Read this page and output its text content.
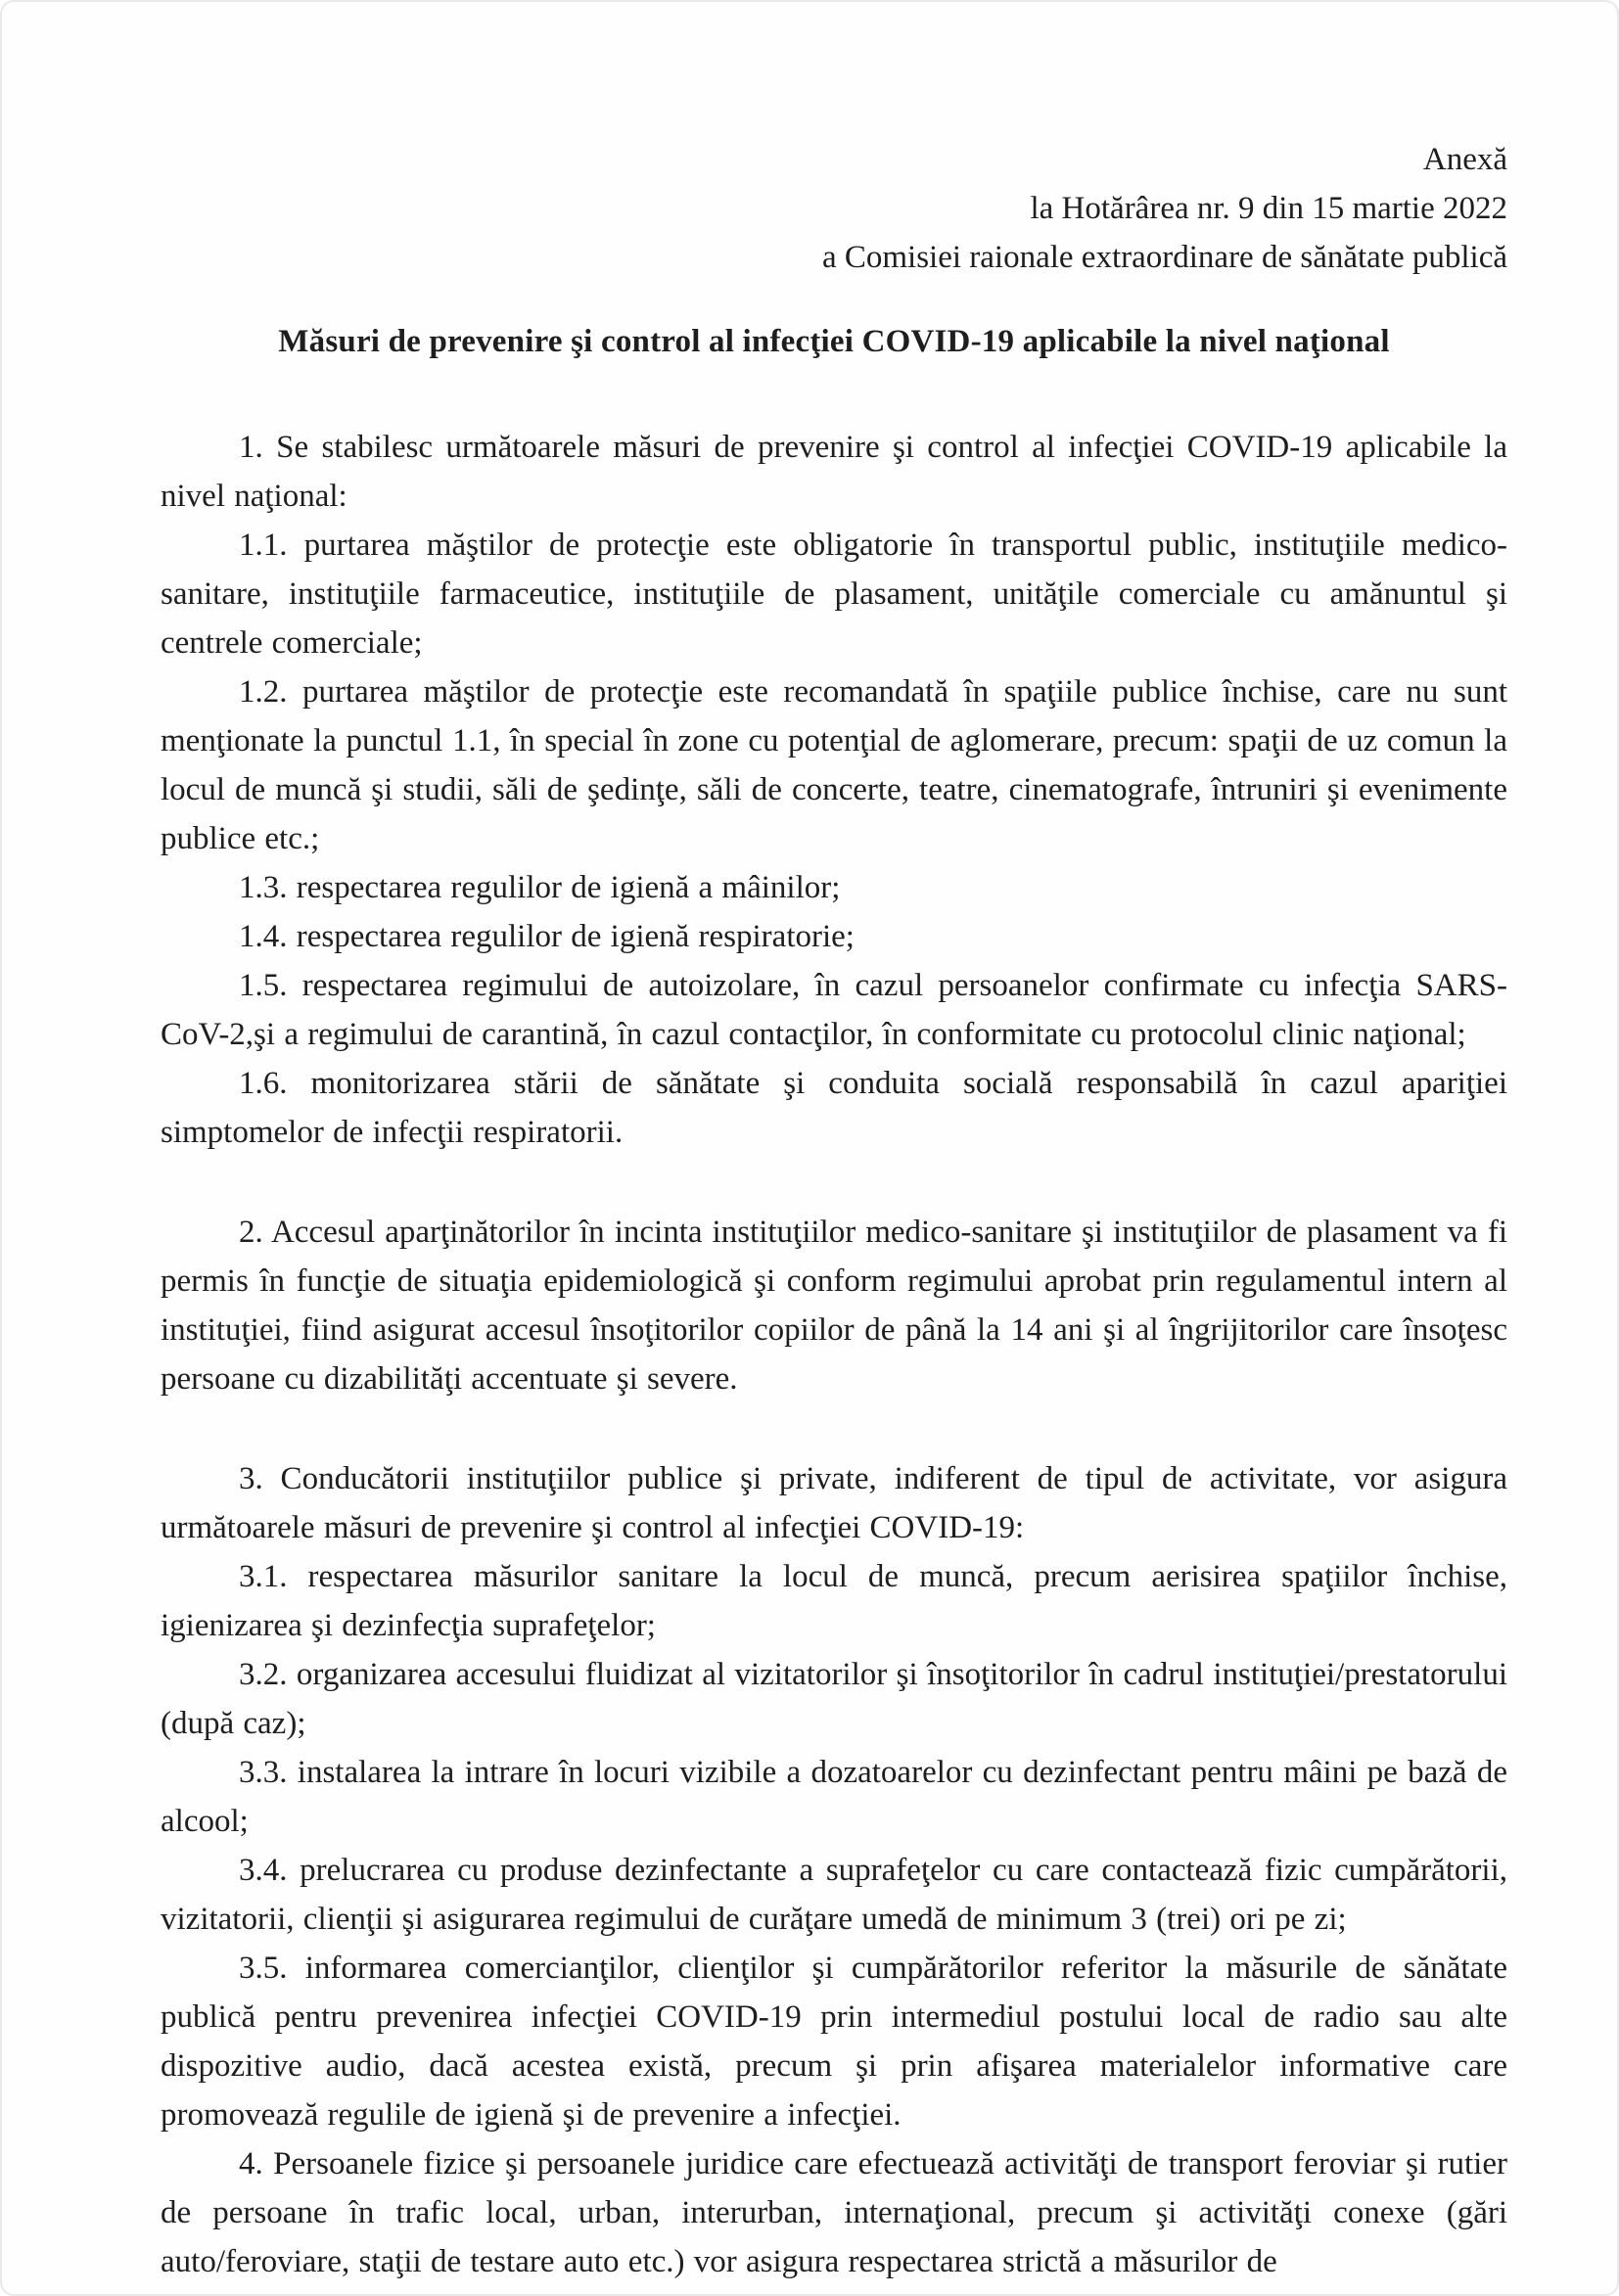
Anexă
la Hotărârea nr. 9 din 15 martie 2022
a Comisiei raionale extraordinare de sănătate publică
Măsuri de prevenire şi control al infecţiei COVID-19 aplicabile la nivel naţional

1. Se stabilesc următoarele măsuri de prevenire şi control al infecţiei COVID-19 aplicabile la nivel naţional:

1.1. purtarea măştilor de protecţie este obligatorie în transportul public, instituţiile medico-sanitare, instituţiile farmaceutice, instituţiile de plasament, unităţile comerciale cu amănuntul şi centrele comerciale;

1.2. purtarea măştilor de protecţie este recomandată în spaţiile publice închise, care nu sunt menţionate la punctul 1.1, în special în zone cu potenţial de aglomerare, precum: spaţii de uz comun la locul de muncă şi studii, săli de şedinţe, săli de concerte, teatre, cinematografe, întruniri şi evenimente publice etc.;

1.3. respectarea regulilor de igienă a mâinilor;

1.4. respectarea regulilor de igienă respiratorie;

1.5. respectarea regimului de autoizolare, în cazul persoanelor confirmate cu infecţia SARS-CoV-2,şi a regimului de carantină, în cazul contacţilor, în conformitate cu protocolul clinic naţional;

1.6. monitorizarea stării de sănătate şi conduita socială responsabilă în cazul apariţiei simptomelor de infecţii respiratorii.

2. Accesul aparţinătorilor în incinta instituţiilor medico-sanitare şi instituţiilor de plasament va fi permis în funcţie de situaţia epidemiologică şi conform regimului aprobat prin regulamentul intern al instituţiei, fiind asigurat accesul însoţitorilor copiilor de până la 14 ani şi al îngrijitorilor care însoţesc persoane cu dizabilităţi accentuate şi severe.

3. Conducătorii instituţiilor publice şi private, indiferent de tipul de activitate, vor asigura următoarele măsuri de prevenire şi control al infecţiei COVID-19:

3.1. respectarea măsurilor sanitare la locul de muncă, precum aerisirea spaţiilor închise, igienizarea şi dezinfecţia suprafeţelor;

3.2. organizarea accesului fluidizat al vizitatorilor şi însoţitorilor în cadrul instituţiei/prestatorului (după caz);

3.3. instalarea la intrare în locuri vizibile a dozatoarelor cu dezinfectant pentru mâini pe bază de alcool;

3.4. prelucrarea cu produse dezinfectante a suprafeţelor cu care contactează fizic cumpărătorii, vizitatorii, clienţii şi asigurarea regimului de curăţare umedă de minimum 3 (trei) ori pe zi;

3.5. informarea comercianţilor, clienţilor şi cumpărătorilor referitor la măsurile de sănătate publică pentru prevenirea infecţiei COVID-19 prin intermediul postului local de radio sau alte dispozitive audio, dacă acestea există, precum şi prin afişarea materialelor informative care promovează regulile de igienă şi de prevenire a infecţiei.

4. Persoanele fizice şi persoanele juridice care efectuează activităţi de transport feroviar şi rutier de persoane în trafic local, urban, interurban, internaţional, precum şi activităţi conexe (gări auto/feroviare, staţii de testare auto etc.) vor asigura respectarea strictă a măsurilor de
